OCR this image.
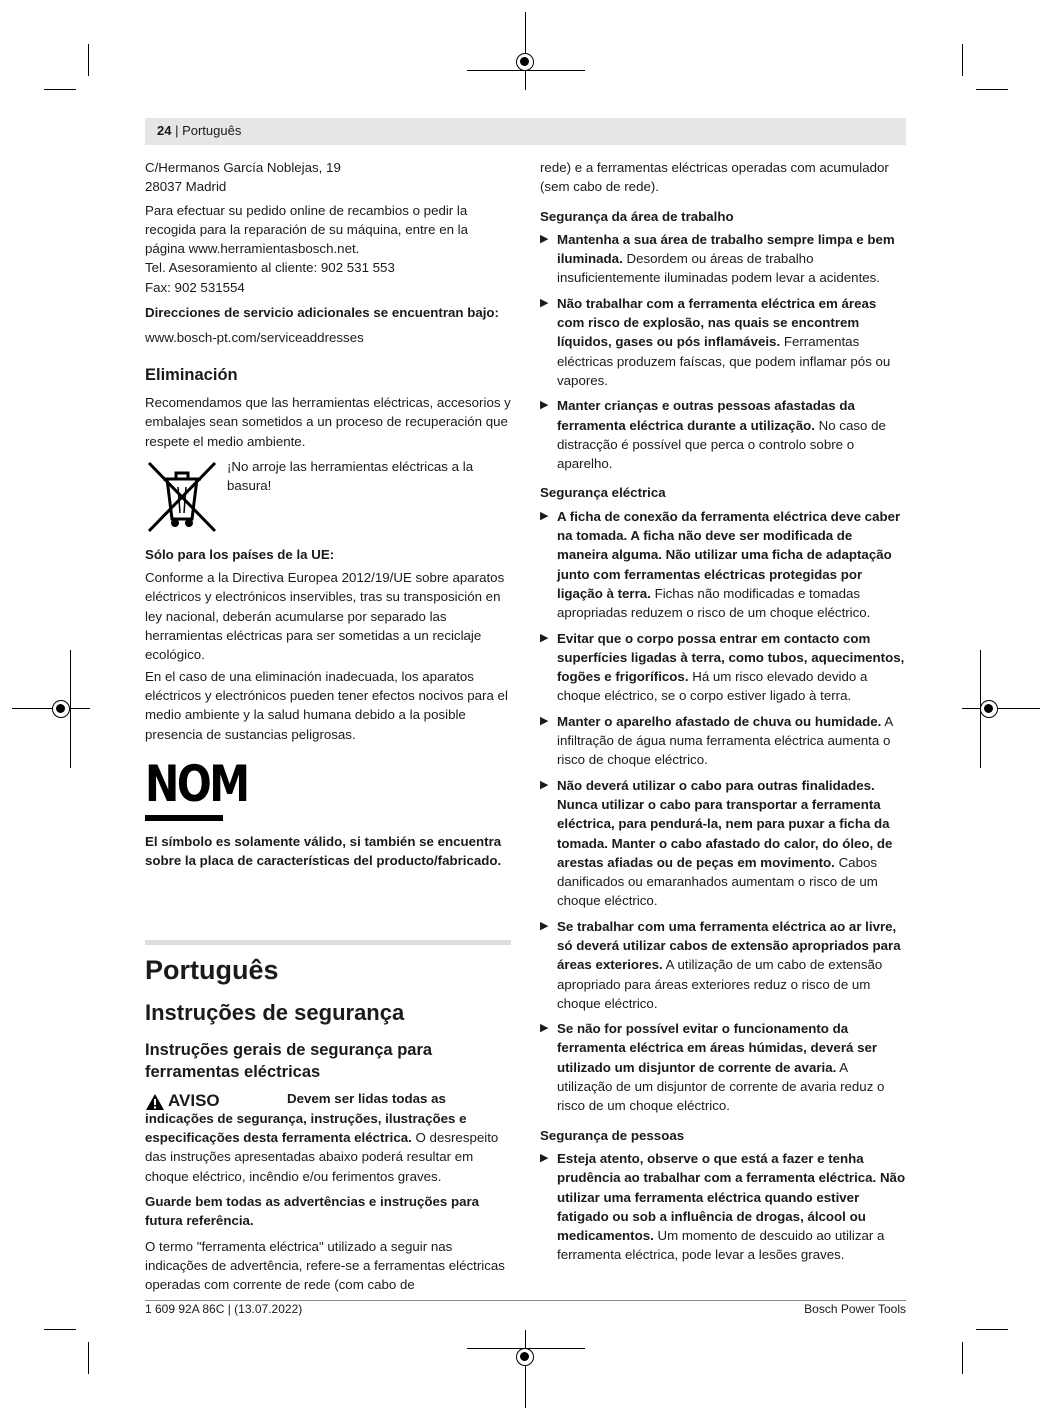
24 | Português

C/Hermanos García Noblejas, 19
28037 Madrid

Para efectuar su pedido online de recambios o pedir la recogida para la reparación de su máquina, entre en la página www.herramientasbosch.net.
Tel. Asesoramiento al cliente: 902 531 553
Fax: 902 531554

Direcciones de servicio adicionales se encuentran bajo:

www.bosch-pt.com/serviceaddresses

Eliminación

Recomendamos que las herramientas eléctricas, accesorios y embalajes sean sometidos a un proceso de recuperación que respete el medio ambiente.

¡No arroje las herramientas eléctricas a la basura!
Sólo para los países de la UE:

Conforme a la Directiva Europea 2012/19/UE sobre aparatos eléctricos y electrónicos inservibles, tras su transposición en ley nacional, deberán acumularse por separado las herramientas eléctricas para ser sometidas a un reciclaje ecológico.

En el caso de una eliminación inadecuada, los aparatos eléctricos y electrónicos pueden tener efectos nocivos para el medio ambiente y la salud humana debido a la posible presencia de sustancias peligrosas.

NOM

El símbolo es solamente válido, si también se encuentra sobre la placa de características del producto/fabricado.

Português
Instruções de segurança
Instruções gerais de segurança para ferramentas eléctricas
AVISO	Devem ser lidas todas as indicações de segurança, instruções, ilustrações e especificações desta ferramenta eléctrica. O desrespeito das instruções apresentadas abaixo poderá resultar em choque eléctrico, incêndio e/ou ferimentos graves.

Guarde bem todas as advertências e instruções para futura referência.

O termo "ferramenta eléctrica" utilizado a seguir nas indicações de advertência, refere-se a ferramentas eléctricas operadas com corrente de rede (com cabo de

rede) e a ferramentas eléctricas operadas com acumulador (sem cabo de rede).

Segurança da área de trabalho
▶ Mantenha a sua área de trabalho sempre limpa e bem iluminada. Desordem ou áreas de trabalho insuficientemente iluminadas podem levar a acidentes.
▶ Não trabalhar com a ferramenta eléctrica em áreas com risco de explosão, nas quais se encontrem líquidos, gases ou pós inflamáveis. Ferramentas eléctricas produzem faíscas, que podem inflamar pós ou vapores.
▶ Manter crianças e outras pessoas afastadas da ferramenta eléctrica durante a utilização. No caso de distracção é possível que perca o controlo sobre o aparelho.
Segurança eléctrica
▶ A ficha de conexão da ferramenta eléctrica deve caber na tomada. A ficha não deve ser modificada de maneira alguma. Não utilizar uma ficha de adaptação junto com ferramentas eléctricas protegidas por ligação à terra. Fichas não modificadas e tomadas apropriadas reduzem o risco de um choque eléctrico.
▶ Evitar que o corpo possa entrar em contacto com superfícies ligadas à terra, como tubos, aquecimentos, fogões e frigoríficos. Há um risco elevado devido a choque eléctrico, se o corpo estiver ligado à terra.
▶ Manter o aparelho afastado de chuva ou humidade. A infiltração de água numa ferramenta eléctrica aumenta o risco de choque eléctrico.
▶ Não deverá utilizar o cabo para outras finalidades. Nunca utilizar o cabo para transportar a ferramenta eléctrica, para pendurá-la, nem para puxar a ficha da tomada. Manter o cabo afastado do calor, do óleo, de arestas afiadas ou de peças em movimento. Cabos danificados ou emaranhados aumentam o risco de um choque eléctrico.
▶ Se trabalhar com uma ferramenta eléctrica ao ar livre, só deverá utilizar cabos de extensão apropriados para áreas exteriores. A utilização de um cabo de extensão apropriado para áreas exteriores reduz o risco de um choque eléctrico.
▶ Se não for possível evitar o funcionamento da ferramenta eléctrica em áreas húmidas, deverá ser utilizado um disjuntor de corrente de avaria. A utilização de um disjuntor de corrente de avaria reduz o risco de um choque eléctrico.
Segurança de pessoas
▶ Esteja atento, observe o que está a fazer e tenha prudência ao trabalhar com a ferramenta eléctrica. Não utilizar uma ferramenta eléctrica quando estiver fatigado ou sob a influência de drogas, álcool ou medicamentos. Um momento de descuido ao utilizar a ferramenta eléctrica, pode levar a lesões graves.
1 609 92A 86C | (13.07.2022)	Bosch Power Tools
